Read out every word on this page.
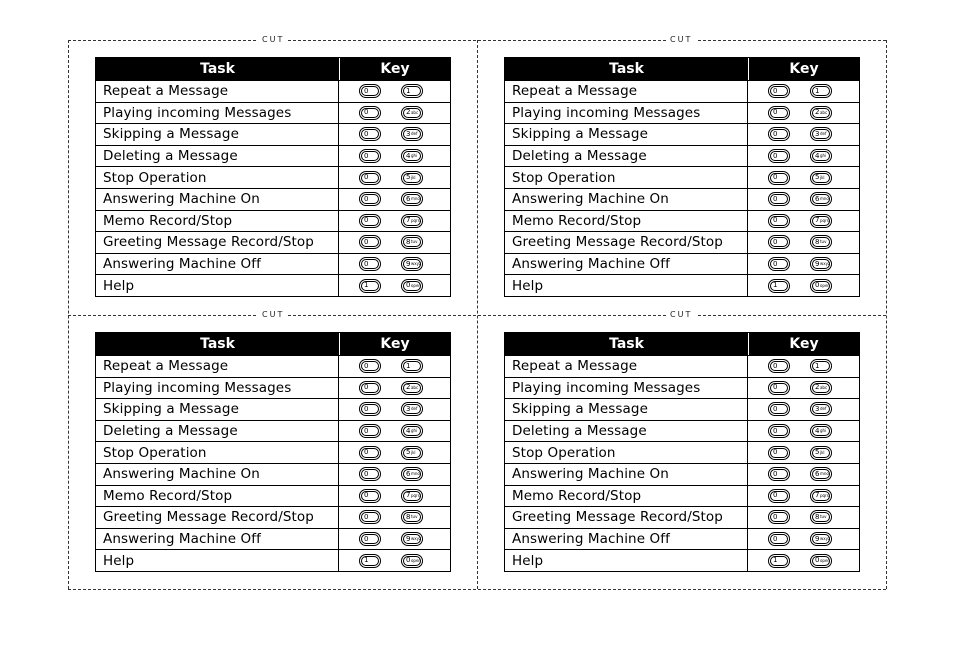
CUT	CUT
CUT	CUT
Task	Key
Repeat a Message	0	1
Playing incoming Messages	0	2 abc
Skipping a Message	0	3 def
Deleting a Message	0	4 ghi
Stop Operation	0	5 jkl
Answering Machine On	0	6 mno
Memo Record/Stop	0	7 pqrs
Greeting Message Record/Stop	0	8 tuv
Answering Machine Off	0	9 wxyz
Help	1	0 oper
Task	Key
Repeat a Message	0	1
Playing incoming Messages	0	2 abc
Skipping a Message	0	3 def
Deleting a Message	0	4 ghi
Stop Operation	0	5 jkl
Answering Machine On	0	6 mno
Memo Record/Stop	0	7 pqrs
Greeting Message Record/Stop	0	8 tuv
Answering Machine Off	0	9 wxyz
Help	1	0 oper
Task	Key
Repeat a Message	0	1
Playing incoming Messages	0	2 abc
Skipping a Message	0	3 def
Deleting a Message	0	4 ghi
Stop Operation	0	5 jkl
Answering Machine On	0	6 mno
Memo Record/Stop	0	7 pqrs
Greeting Message Record/Stop	0	8 tuv
Answering Machine Off	0	9 wxyz
Help	1	0 oper
Task	Key
Repeat a Message	0	1
Playing incoming Messages	0	2 abc
Skipping a Message	0	3 def
Deleting a Message	0	4 ghi
Stop Operation	0	5 jkl
Answering Machine On	0	6 mno
Memo Record/Stop	0	7 pqrs
Greeting Message Record/Stop	0	8 tuv
Answering Machine Off	0	9 wxyz
Help	1	0 oper
